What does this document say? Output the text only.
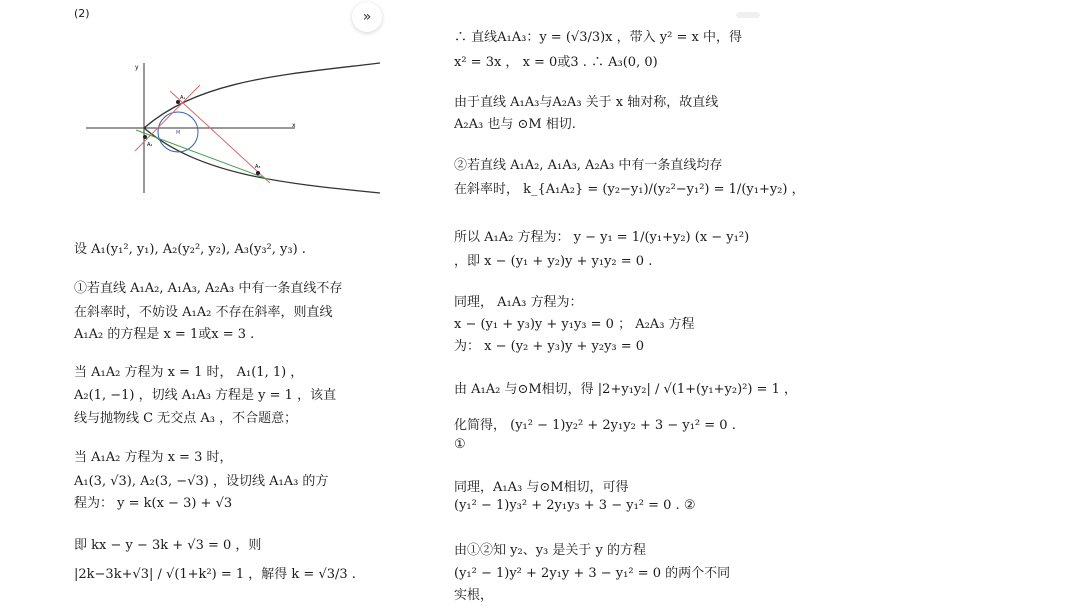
(2)
y
x
A₁
A₂
A₃
M
设 A₁(y₁², y₁), A₂(y₂², y₂), A₃(y₃², y₃) .
①若直线 A₁A₂, A₁A₃, A₂A₃ 中有一条直线不存
在斜率时，不妨设 A₁A₂ 不存在斜率，则直线
A₁A₂ 的方程是 x = 1或x = 3 .
当 A₁A₂ 方程为 x = 1 时， A₁(1, 1) ，
A₂(1, −1) ，切线 A₁A₃ 方程是 y = 1 ，该直
线与抛物线 C 无交点 A₃ ，不合题意；
当 A₁A₂ 方程为 x = 3 时，
A₁(3, √3), A₂(3, −√3) ，设切线 A₁A₃ 的方
程为： y = k(x − 3) + √3
即 kx − y − 3k + √3 = 0 ，则
|2k−3k+√3| / √(1+k²) = 1 ，解得 k = √3/3 .
∴ 直线A₁A₃：y = (√3/3)x ，带入 y² = x 中，得
x² = 3x ， x = 0或3 . ∴ A₃(0, 0)
由于直线 A₁A₃与A₂A₃ 关于 x 轴对称，故直线
A₂A₃ 也与 ⊙M 相切.
②若直线 A₁A₂, A₁A₃, A₂A₃ 中有一条直线均存
在斜率时， k_{A₁A₂} = (y₂−y₁)/(y₂²−y₁²) = 1/(y₁+y₂) ，
所以 A₁A₂ 方程为： y − y₁ = 1/(y₁+y₂) (x − y₁²)
，即 x − (y₁ + y₂)y + y₁y₂ = 0 .
同理， A₁A₃ 方程为：
x − (y₁ + y₃)y + y₁y₃ = 0 ； A₂A₃ 方程
为： x − (y₂ + y₃)y + y₂y₃ = 0
由 A₁A₂ 与⊙M相切，得 |2+y₁y₂| / √(1+(y₁+y₂)²) = 1 ，
化简得， (y₁² − 1)y₂² + 2y₁y₂ + 3 − y₁² = 0 .
①
同理，A₁A₃ 与⊙M相切，可得
(y₁² − 1)y₃² + 2y₁y₃ + 3 − y₁² = 0 . ②
由①②知 y₂、y₃ 是关于 y 的方程
(y₁² − 1)y² + 2y₁y + 3 − y₁² = 0 的两个不同
实根，
»
